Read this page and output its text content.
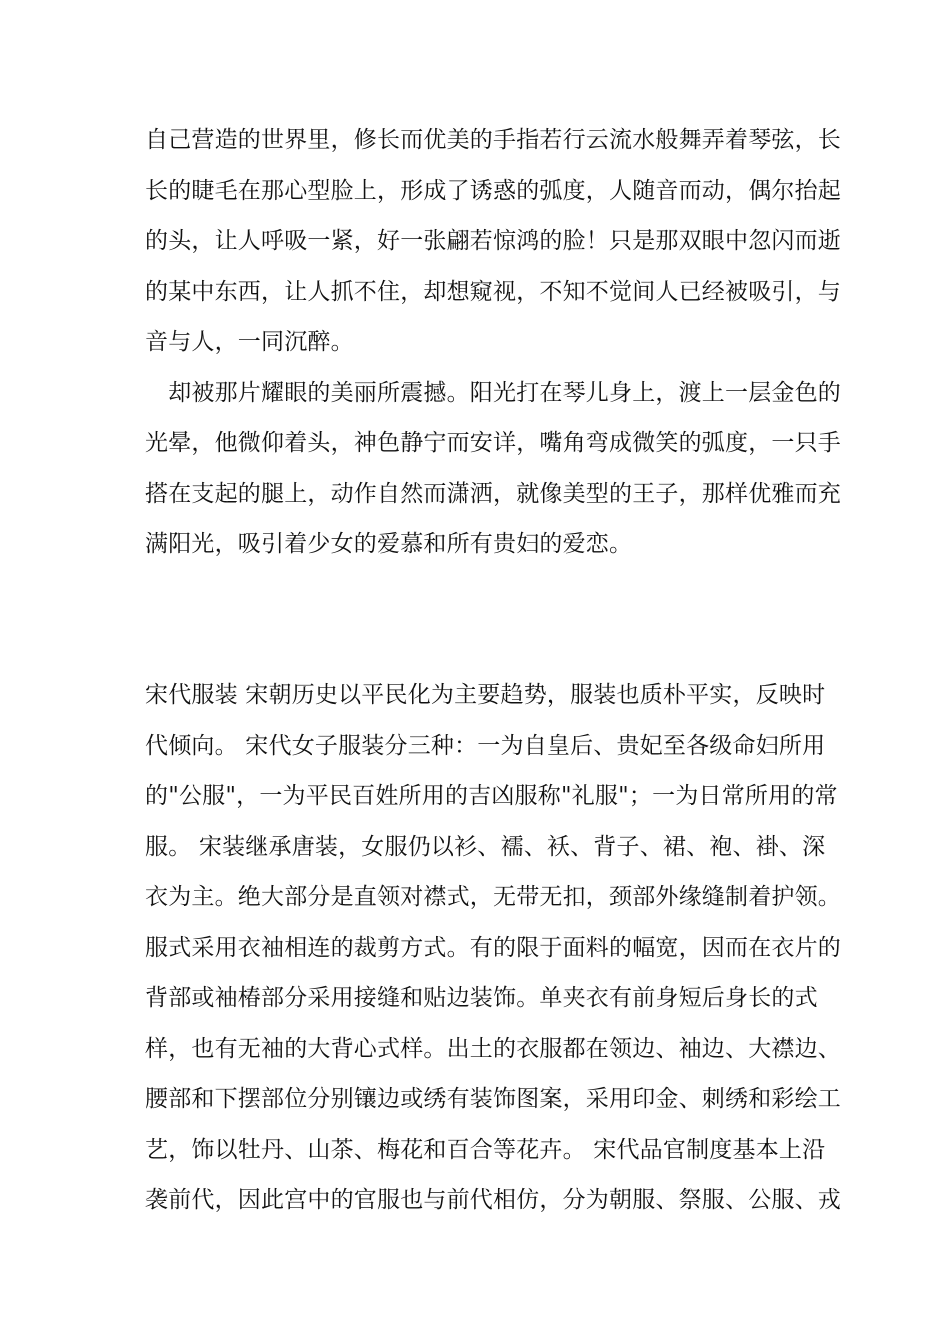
自己营造的世界里，修长而优美的手指若行云流水般舞弄着琴弦，长
长的睫毛在那心型脸上，形成了诱惑的弧度，人随音而动，偶尔抬起
的头，让人呼吸一紧，好一张翩若惊鸿的脸！只是那双眼中忽闪而逝
的某中东西，让人抓不住，却想窥视，不知不觉间人已经被吸引，与
音与人，一同沉醉。
　却被那片耀眼的美丽所震撼。阳光打在琴儿身上，渡上一层金色的
光晕，他微仰着头，神色静宁而安详，嘴角弯成微笑的弧度，一只手
搭在支起的腿上，动作自然而潇洒，就像美型的王子，那样优雅而充
满阳光，吸引着少女的爱慕和所有贵妇的爱恋。
宋代服装 宋朝历史以平民化为主要趋势，服装也质朴平实，反映时
代倾向。 宋代女子服装分三种：一为自皇后、贵妃至各级命妇所用
的"公服"，一为平民百姓所用的吉凶服称"礼服"；一为日常所用的常
服。 宋装继承唐装，女服仍以衫、襦、袄、背子、裙、袍、褂、深
衣为主。绝大部分是直领对襟式，无带无扣，颈部外缘缝制着护领。
服式采用衣袖相连的裁剪方式。有的限于面料的幅宽，因而在衣片的
背部或袖椿部分采用接缝和贴边装饰。单夹衣有前身短后身长的式
样，也有无袖的大背心式样。出土的衣服都在领边、袖边、大襟边、
腰部和下摆部位分别镶边或绣有装饰图案，采用印金、刺绣和彩绘工
艺，饰以牡丹、山茶、梅花和百合等花卉。 宋代品官制度基本上沿
袭前代，因此宫中的官服也与前代相仿，分为朝服、祭服、公服、戎
